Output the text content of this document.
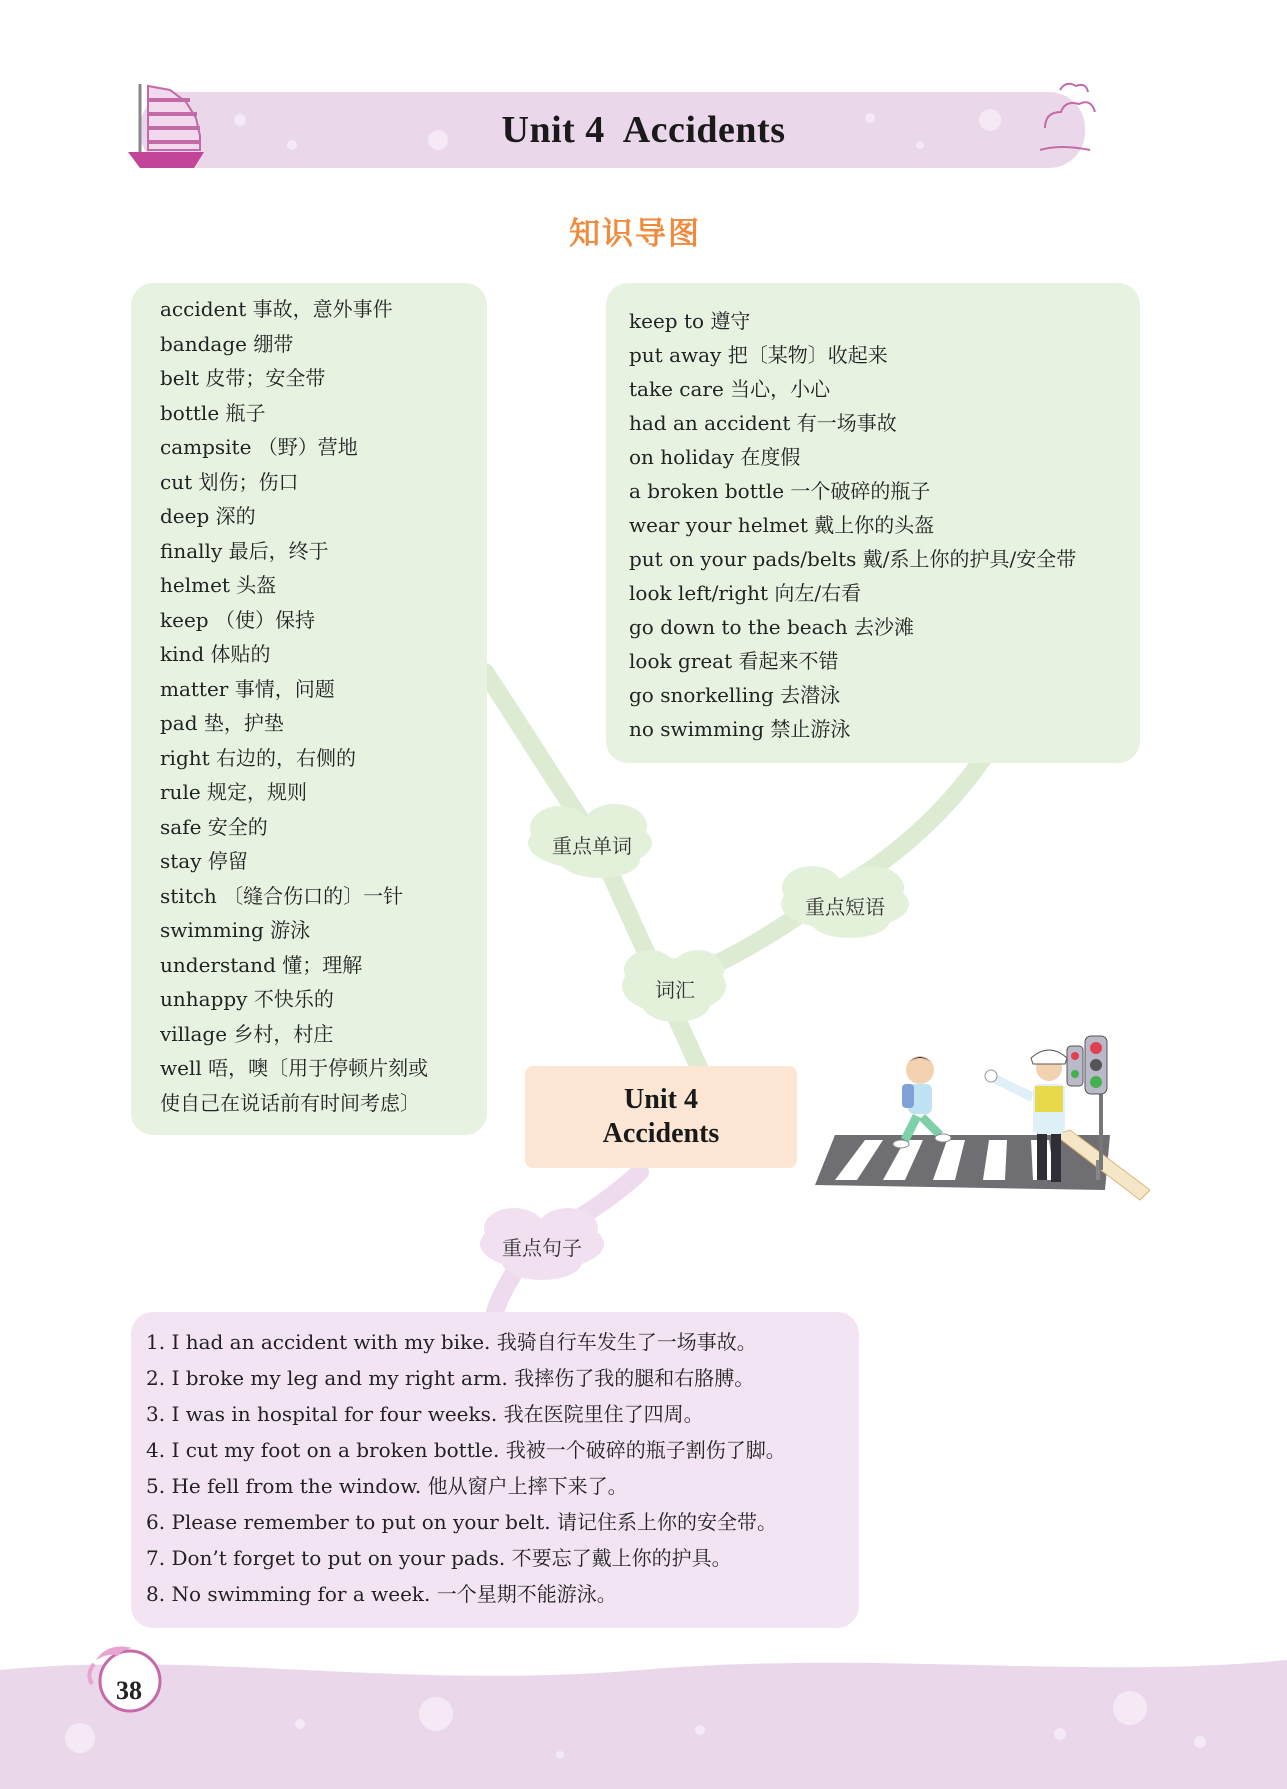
Unit 4  Accidents
知识导图
重点单词
重点短语
词汇
重点句子
accident 事故，意外事件
bandage 绷带
belt 皮带；安全带
bottle 瓶子
campsite （野）营地
cut 划伤；伤口
deep 深的
finally 最后，终于
helmet 头盔
keep （使）保持
kind 体贴的
matter 事情，问题
pad 垫，护垫
right 右边的，右侧的
rule 规定，规则
safe 安全的
stay 停留
stitch 〔缝合伤口的〕一针
swimming 游泳
understand 懂；理解
unhappy 不快乐的
village 乡村，村庄
well 唔，噢〔用于停顿片刻或
使自己在说话前有时间考虑〕
keep to 遵守
put away 把〔某物〕收起来
take care 当心，小心
had an accident 有一场事故
on holiday 在度假
a broken bottle 一个破碎的瓶子
wear your helmet 戴上你的头盔
put on your pads/belts 戴/系上你的护具/安全带
look left/right 向左/右看
go down to the beach 去沙滩
look great 看起来不错
go snorkelling 去潜泳
no swimming 禁止游泳
Unit 4
Accidents
1. I had an accident with my bike. 我骑自行车发生了一场事故。
2. I broke my leg and my right arm. 我摔伤了我的腿和右胳膊。
3. I was in hospital for four weeks. 我在医院里住了四周。
4. I cut my foot on a broken bottle. 我被一个破碎的瓶子割伤了脚。
5. He fell from the window. 他从窗户上摔下来了。
6. Please remember to put on your belt. 请记住系上你的安全带。
7. Don’t forget to put on your pads. 不要忘了戴上你的护具。
8. No swimming for a week. 一个星期不能游泳。
38
